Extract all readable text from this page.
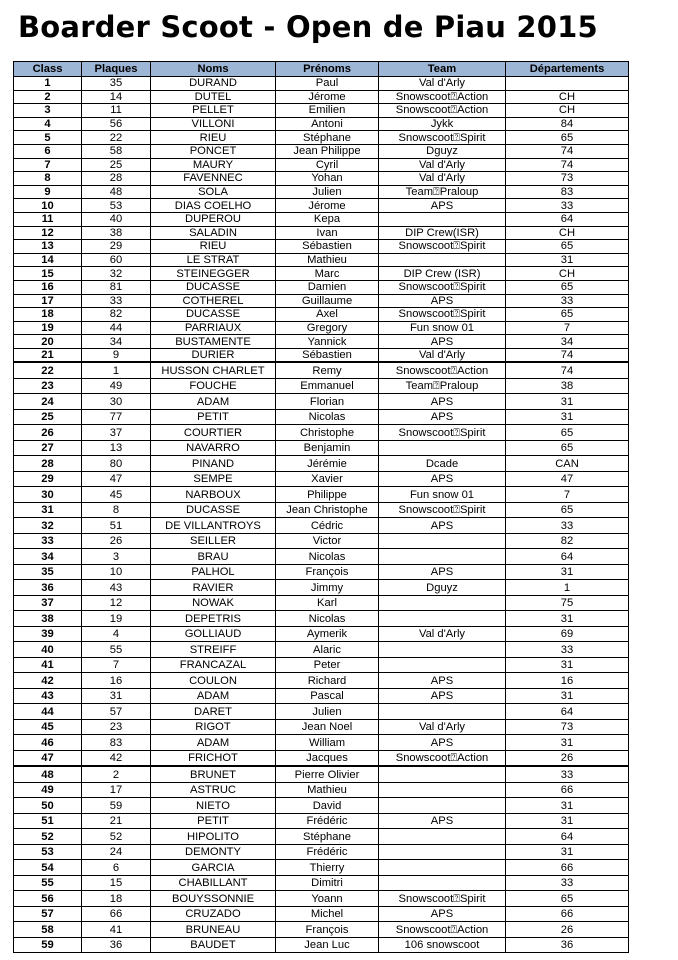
Boarder Scoot - Open de Piau 2015
Class	Plaques	Noms	Prénoms	Team	Départements
1	35	DURAND	Paul	Val d'Arly	
2	14	DUTEL	Jérome	Snowscoot⍰Action	CH
3	11	PELLET	Emilien	Snowscoot⍰Action	CH
4	56	VILLONI	Antoni	Jykk	84
5	22	RIEU	Stéphane	Snowscoot⍰Spirit	65
6	58	PONCET	Jean Philippe	Dguyz	74
7	25	MAURY	Cyril	Val d'Arly	74
8	28	FAVENNEC	Yohan	Val d'Arly	73
9	48	SOLA	Julien	Team⍰Praloup	83
10	53	DIAS COELHO	Jérome	APS	33
11	40	DUPEROU	Kepa		64
12	38	SALADIN	Ivan	DIP Crew(ISR)	CH
13	29	RIEU	Sébastien	Snowscoot⍰Spirit	65
14	60	LE STRAT	Mathieu		31
15	32	STEINEGGER	Marc	DIP Crew (ISR)	CH
16	81	DUCASSE	Damien	Snowscoot⍰Spirit	65
17	33	COTHEREL	Guillaume	APS	33
18	82	DUCASSE	Axel	Snowscoot⍰Spirit	65
19	44	PARRIAUX	Gregory	Fun snow 01	7
20	34	BUSTAMENTE	Yannick	APS	34
21	9	DURIER	Sébastien	Val d'Arly	74
22	1	HUSSON CHARLET	Remy	Snowscoot⍰Action	74
23	49	FOUCHE	Emmanuel	Team⍰Praloup	38
24	30	ADAM	Florian	APS	31
25	77	PETIT	Nicolas	APS	31
26	37	COURTIER	Christophe	Snowscoot⍰Spirit	65
27	13	NAVARRO	Benjamin		65
28	80	PINAND	Jérémie	Dcade	CAN
29	47	SEMPE	Xavier	APS	47
30	45	NARBOUX	Philippe	Fun snow 01	7
31	8	DUCASSE	Jean Christophe	Snowscoot⍰Spirit	65
32	51	DE VILLANTROYS	Cédric	APS	33
33	26	SEILLER	Victor		82
34	3	BRAU	Nicolas		64
35	10	PALHOL	François	APS	31
36	43	RAVIER	Jimmy	Dguyz	1
37	12	NOWAK	Karl		75
38	19	DEPETRIS	Nicolas		31
39	4	GOLLIAUD	Aymerik	Val d'Arly	69
40	55	STREIFF	Alaric		33
41	7	FRANCAZAL	Peter		31
42	16	COULON	Richard	APS	16
43	31	ADAM	Pascal	APS	31
44	57	DARET	Julien		64
45	23	RIGOT	Jean Noel	Val d'Arly	73
46	83	ADAM	William	APS	31
47	42	FRICHOT	Jacques	Snowscoot⍰Action	26
48	2	BRUNET	Pierre Olivier		33
49	17	ASTRUC	Mathieu		66
50	59	NIETO	David		31
51	21	PETIT	Frédéric	APS	31
52	52	HIPOLITO	Stéphane		64
53	24	DEMONTY	Frédéric		31
54	6	GARCIA	Thierry		66
55	15	CHABILLANT	Dimitri		33
56	18	BOUYSSONNIE	Yoann	Snowscoot⍰Spirit	65
57	66	CRUZADO	Michel	APS	66
58	41	BRUNEAU	François	Snowscoot⍰Action	26
59	36	BAUDET	Jean Luc	106 snowscoot	36
